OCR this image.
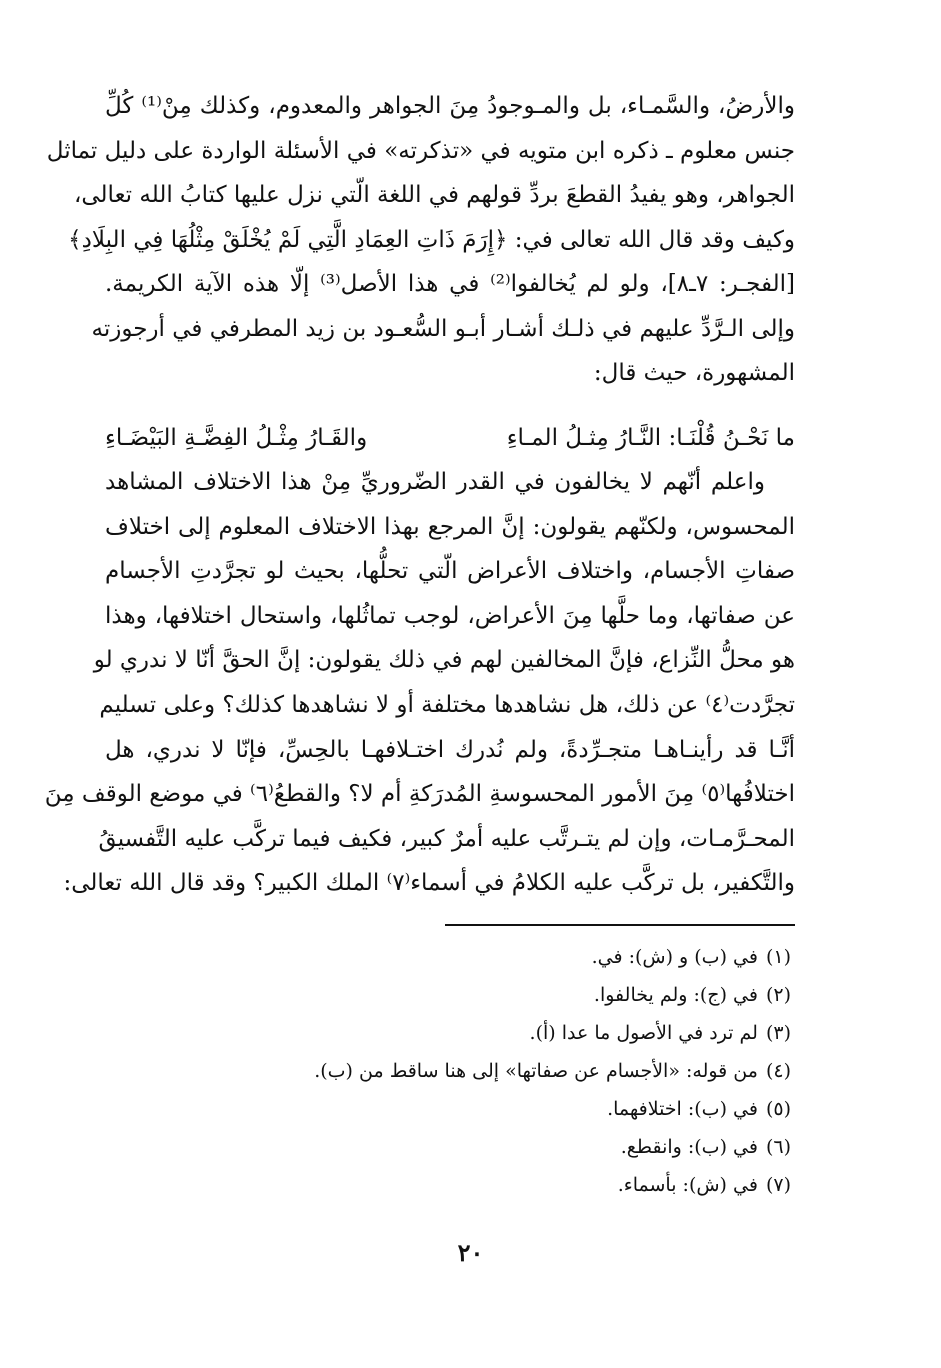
والأرضُ، والسَّمـاء، بل والمـوجودُ مِنَ الجواهر والمعدوم، وكذلك مِنْ⁽¹⁾ كُلِّ
جنس معلوم ـ ذكره ابن متويه في «تذكرته» في الأسئلة الواردة على دليل تماثل
الجواهر، وهو يفيدُ القطعَ بردِّ قولهم في اللغة الّتي نزل عليها كتابُ الله تعالى،
وكيف وقد قال الله تعالى في: ﴿إِرَمَ ذَاتِ العِمَادِ الَّتِي لَمْ يُخْلَقْ مِثْلُهَا فِي البِلَادِ﴾
[الفجـر: ٧ـ٨]، ولو لم يُخالفوا⁽²⁾ في هذا الأصل⁽³⁾ إلّا هذه الآية الكريمة.
وإلى الـرَّدِّ عليهم في ذلـك أشـار أبـو السُّعـود بن زيد المطرفي في أرجوزته
المشهورة، حيث قال:
ما نَحْـنُ قُلْنَـا: النَّـارُ مِثـلُ المـاءِ
والقَـارُ مِثْـلُ الفِضَّـةِ البَيْضَـاءِ
واعلم أنّهم لا يخالفون في القدر الضّروريِّ مِنْ هذا الاختلاف المشاهد
المحسوس، ولكنّهم يقولون: إنَّ المرجع بهذا الاختلاف المعلوم إلى اختلاف
صفاتِ الأجسام، واختلاف الأعراض الّتي تحلُّها، بحيث لو تجرَّدتِ الأجسام
عن صفاتها، وما حلَّها مِنَ الأعراض، لوجب تماثُلها، واستحال اختلافها، وهذا
هو محلُّ النِّزاع، فإنَّ المخالفين لهم في ذلك يقولون: إنَّ الحقَّ أنّا لا ندري لو
تجرَّدت⁽٤⁾ عن ذلك، هل نشاهدها مختلفة أو لا نشاهدها كذلك؟ وعلى تسليم
أنَّـا قد رأينـاهـا متجـرِّدةً، ولم نُدرك اختـلافهـا بالحِسِّ، فإنّا لا ندري، هل
اختلافُها⁽٥⁾ مِنَ الأمور المحسوسةِ المُدرَكةِ أم لا؟ والقطعُ⁽٦⁾ في موضع الوقف مِنَ
المحـرَّمـات، وإن لم يتـرتَّب عليه أمرٌ كبير، فكيف فيما تركَّب عليه التَّفسيقُ
والتَّكفير، بل تركَّب عليه الكلامُ في أسماء⁽٧⁾ الملك الكبير؟ وقد قال الله تعالى:
(١)في (ب) و (ش): في.
(٢)في (ج): ولم يخالفوا.
(٣)لم ترد في الأصول ما عدا (أ).
(٤)من قوله: «الأجسام عن صفاتها» إلى هنا ساقط من (ب).
(٥)في (ب): اختلافهما.
(٦)في (ب): وانقطع.
(٧)في (ش): بأسماء.
٢٠
